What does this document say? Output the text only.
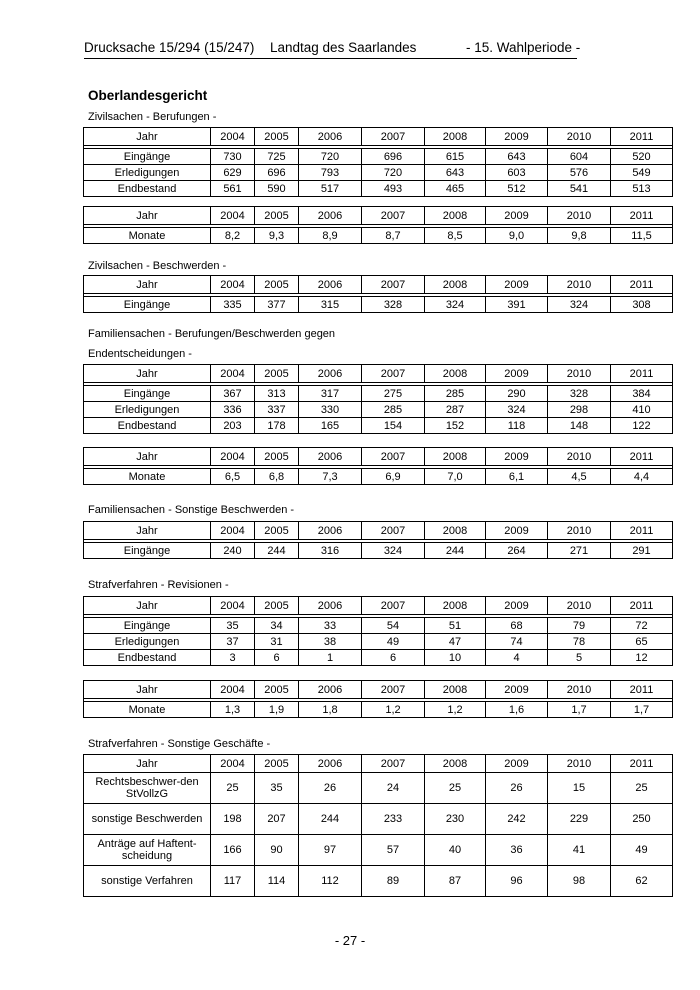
Drucksache 15/294 (15/247) Landtag des Saarlandes	- 15. Wahlperiode -
Oberlandesgericht
Zivilsachen - Berufungen -
Jahr	2004	2005	2006	2007	2008	2009	2010	2011

Eingänge	730	725	720	696	615	643	604	520
Erledigungen	629	696	793	720	643	603	576	549
Endbestand	561	590	517	493	465	512	541	513
Jahr	2004	2005	2006	2007	2008	2009	2010	2011

Monate	8,2	9,3	8,9	8,7	8,5	9,0	9,8	11,5
Zivilsachen - Beschwerden -
Jahr	2004	2005	2006	2007	2008	2009	2010	2011

Eingänge	335	377	315	328	324	391	324	308
Familiensachen - Berufungen/Beschwerden gegen
Endentscheidungen -
Jahr	2004	2005	2006	2007	2008	2009	2010	2011

Eingänge	367	313	317	275	285	290	328	384
Erledigungen	336	337	330	285	287	324	298	410
Endbestand	203	178	165	154	152	118	148	122
Jahr	2004	2005	2006	2007	2008	2009	2010	2011

Monate	6,5	6,8	7,3	6,9	7,0	6,1	4,5	4,4
Familiensachen - Sonstige Beschwerden -
Jahr	2004	2005	2006	2007	2008	2009	2010	2011

Eingänge	240	244	316	324	244	264	271	291
Strafverfahren - Revisionen -
Jahr	2004	2005	2006	2007	2008	2009	2010	2011

Eingänge	35	34	33	54	51	68	79	72
Erledigungen	37	31	38	49	47	74	78	65
Endbestand	3	6	1	6	10	4	5	12
Jahr	2004	2005	2006	2007	2008	2009	2010	2011

Monate	1,3	1,9	1,8	1,2	1,2	1,6	1,7	1,7
Strafverfahren - Sonstige Geschäfte -
Jahr	2004	2005	2006	2007	2008	2009	2010	2011
Rechtsbeschwer-den StVollzG	25	35	26	24	25	26	15	25
sonstige Beschwerden	198	207	244	233	230	242	229	250
Anträge auf Haftent-scheidung	166	90	97	57	40	36	41	49
sonstige Verfahren	117	114	112	89	87	96	98	62
- 27 -
